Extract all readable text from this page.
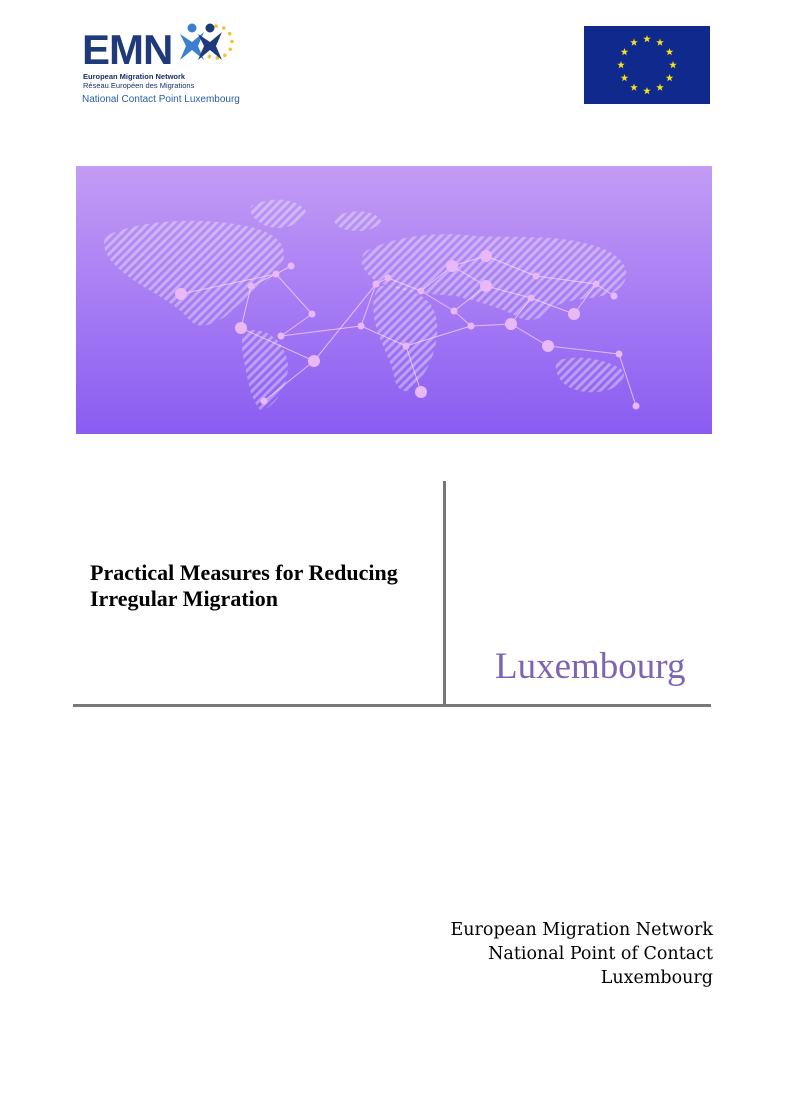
EMN
European Migration Network
Réseau Européen des Migrations
National Contact Point Luxembourg
Practical Measures for Reducing
Irregular Migration
Luxembourg
European Migration Network
National Point of Contact
Luxembourg
